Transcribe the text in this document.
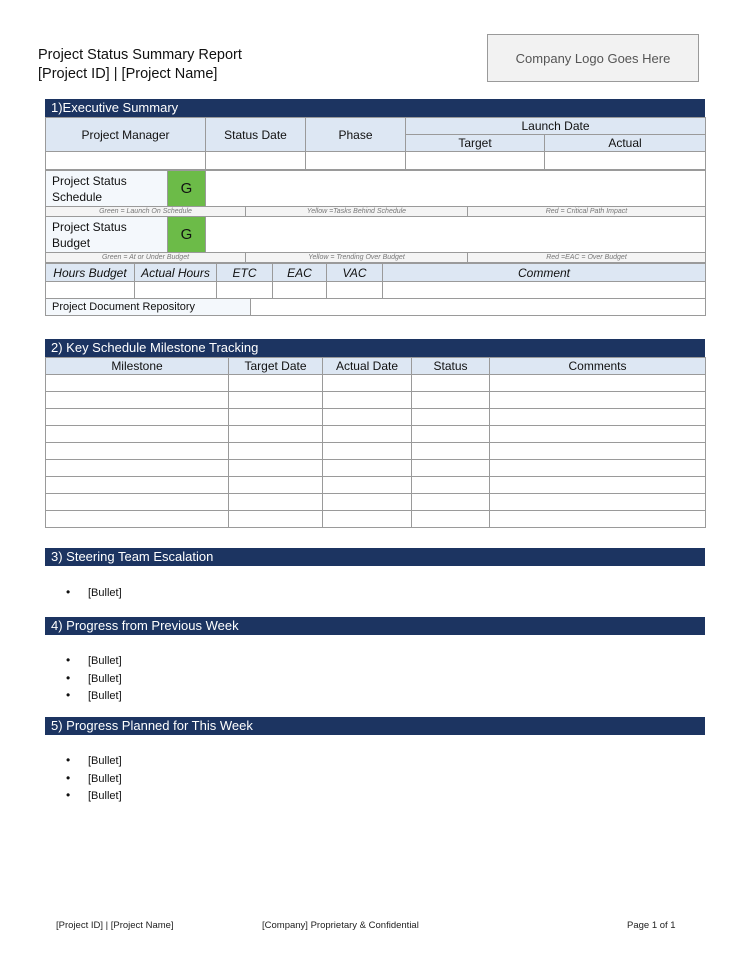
Project Status Summary Report
[Project ID] | [Project Name]
Company Logo Goes Here
1)Executive Summary
Project Manager	Status Date	Phase	Launch Date	
			Target	Actual

Project Status Schedule	G	
Green = Launch On Schedule	Yellow =Tasks Behind Schedule	Red = Critical Path Impact
Project Status Budget	G	
Green = At or Under Budget	Yellow = Trending Over Budget	Red =EAC = Over Budget
Hours Budget	Actual Hours	ETC	EAC	VAC	Comment

Project Document Repository	
2) Key Schedule Milestone Tracking
Milestone	Target Date	Actual Date	Status	Comments

3) Steering Team Escalation
• [Bullet]
4) Progress from Previous Week
• [Bullet]
• [Bullet]
• [Bullet]
5) Progress Planned for This Week
• [Bullet]
• [Bullet]
• [Bullet]
[Project ID] | [Project Name]	[Company] Proprietary & Confidential	Page 1 of 1
